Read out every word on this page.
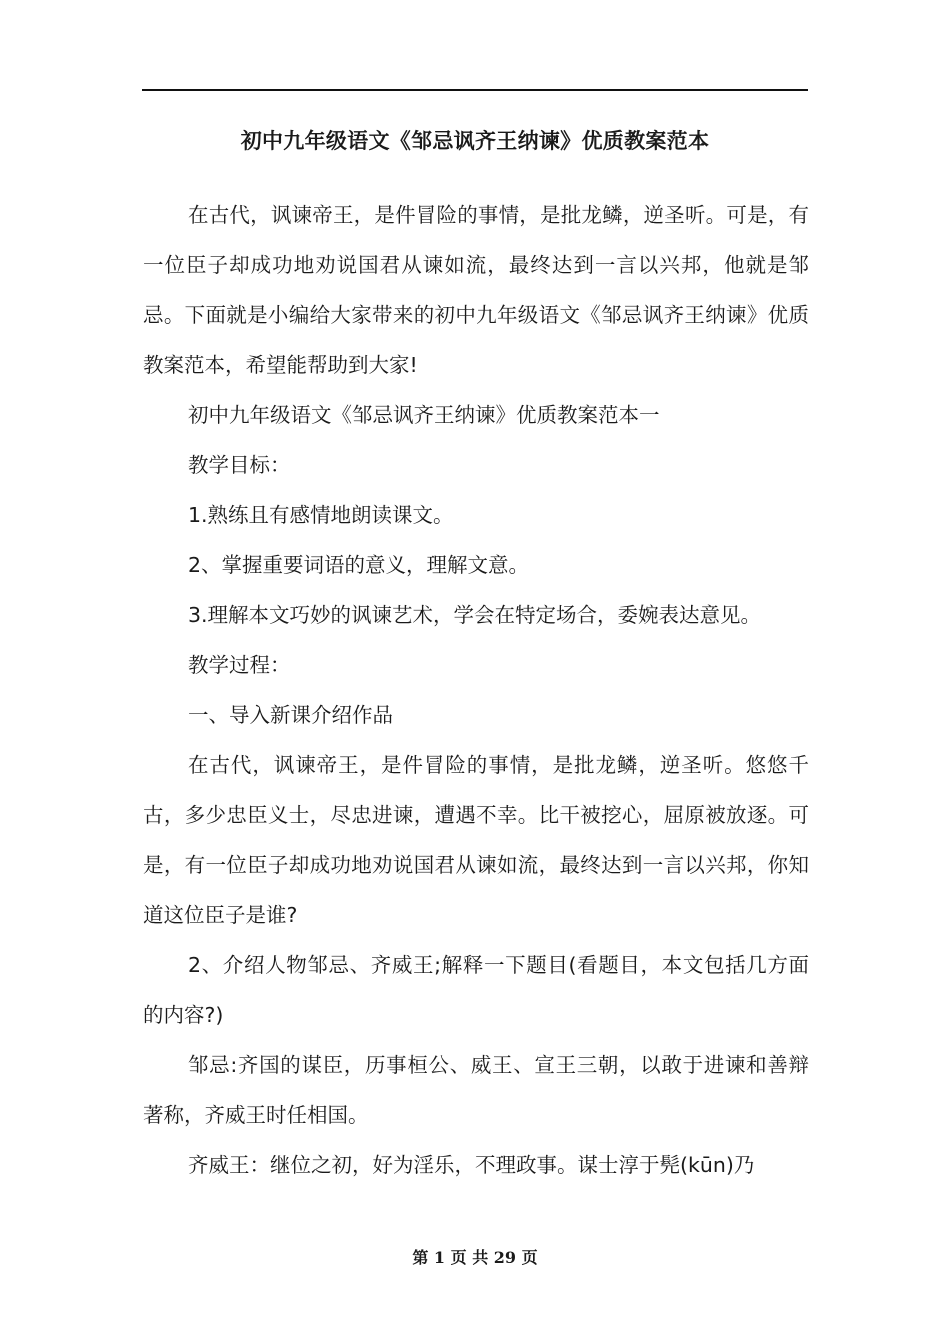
初中九年级语文《邹忌讽齐王纳谏》优质教案范本

在古代，讽谏帝王，是件冒险的事情，是批龙鳞，逆圣听。可是，有一位臣子却成功地劝说国君从谏如流，最终达到一言以兴邦，他就是邹忌。下面就是小编给大家带来的初中九年级语文《邹忌讽齐王纳谏》优质教案范本，希望能帮助到大家!

初中九年级语文《邹忌讽齐王纳谏》优质教案范本一

教学目标：

1.熟练且有感情地朗读课文。

2、掌握重要词语的意义，理解文意。

3.理解本文巧妙的讽谏艺术，学会在特定场合，委婉表达意见。

教学过程：

一、导入新课介绍作品

在古代，讽谏帝王，是件冒险的事情，是批龙鳞，逆圣听。悠悠千古，多少忠臣义士，尽忠进谏，遭遇不幸。比干被挖心，屈原被放逐。可是，有一位臣子却成功地劝说国君从谏如流，最终达到一言以兴邦，你知道这位臣子是谁?

2、介绍人物邹忌、齐威王;解释一下题目(看题目，本文包括几方面的内容?)

邹忌:齐国的谋臣，历事桓公、威王、宣王三朝，以敢于进谏和善辩著称，齐威王时任相国。

齐威王：继位之初，好为淫乐，不理政事。谋士淳于髡(kūn)乃

第 1 页 共 29 页
